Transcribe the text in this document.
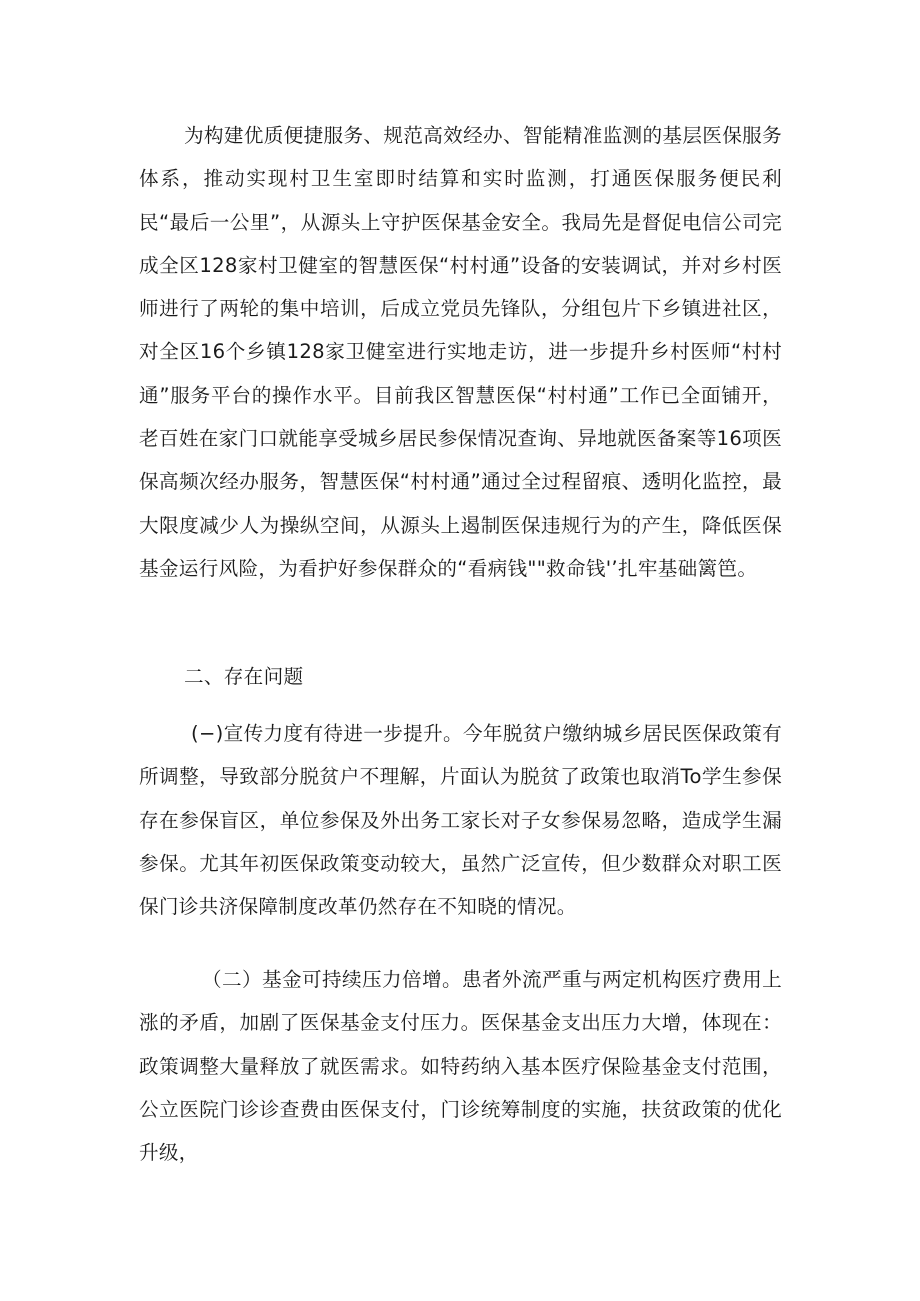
为构建优质便捷服务、规范高效经办、智能精准监测的基层医保服务体系，推动实现村卫生室即时结算和实时监测，打通医保服务便民利民“最后一公里”，从源头上守护医保基金安全。我局先是督促电信公司完成全区128家村卫健室的智慧医保“村村通”设备的安装调试，并对乡村医师进行了两轮的集中培训，后成立党员先锋队，分组包片下乡镇进社区，对全区16个乡镇128家卫健室进行实地走访，进一步提升乡村医师“村村通”服务平台的操作水平。目前我区智慧医保“村村通”工作已全面铺开，老百姓在家门口就能享受城乡居民参保情况查询、异地就医备案等16项医保高频次经办服务，智慧医保“村村通”通过全过程留痕、透明化监控，最大限度减少人为操纵空间，从源头上遏制医保违规行为的产生，降低医保基金运行风险，为看护好参保群众的“看病钱""救命钱'’扎牢基础篱笆。

二、存在问题

(−)宣传力度有待进一步提升。今年脱贫户缴纳城乡居民医保政策有所调整，导致部分脱贫户不理解，片面认为脱贫了政策也取消To学生参保存在参保盲区，单位参保及外出务工家长对子女参保易忽略，造成学生漏参保。尤其年初医保政策变动较大，虽然广泛宣传，但少数群众对职工医保门诊共济保障制度改革仍然存在不知晓的情况。

（二）基金可持续压力倍增。患者外流严重与两定机构医疗费用上涨的矛盾，加剧了医保基金支付压力。医保基金支出压力大增，体现在：政策调整大量释放了就医需求。如特药纳入基本医疗保险基金支付范围，公立医院门诊诊查费由医保支付，门诊统筹制度的实施，扶贫政策的优化升级，
